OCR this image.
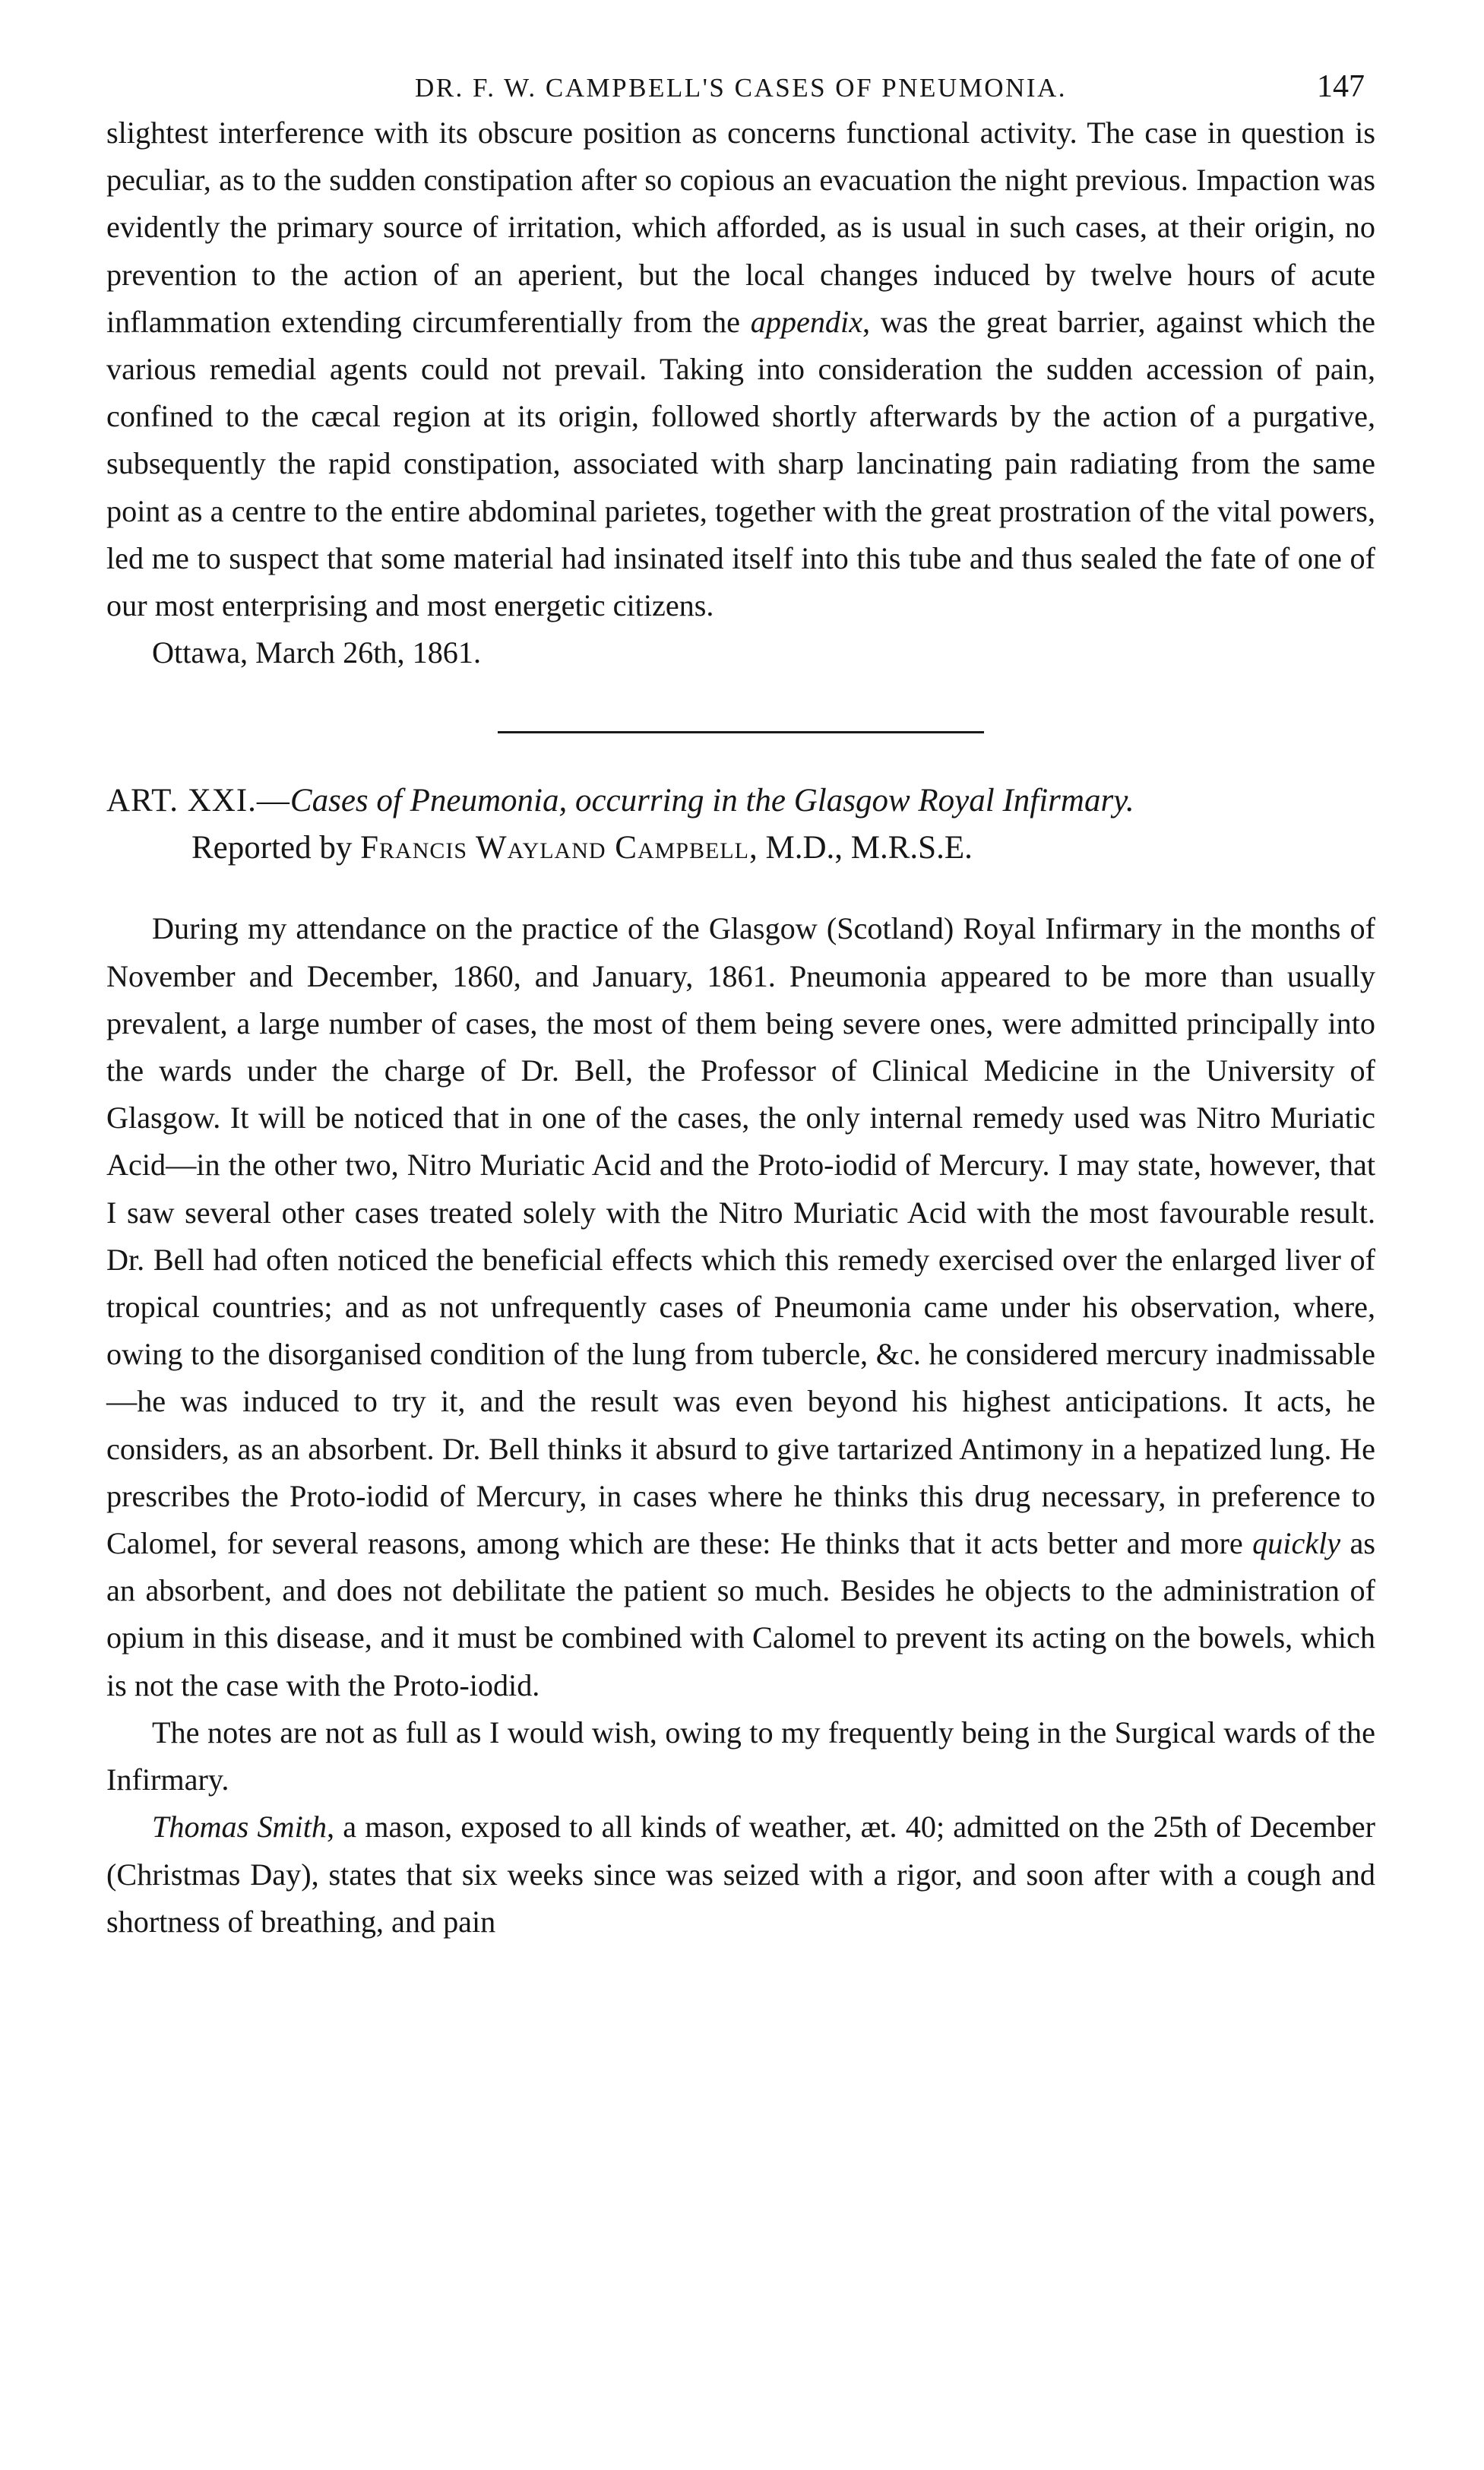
DR. F. W. CAMPBELL'S CASES OF PNEUMONIA.	147

slightest interference with its obscure position as concerns functional activity. The case in question is peculiar, as to the sudden constipation after so copious an evacuation the night previous. Impaction was evidently the primary source of irritation, which afforded, as is usual in such cases, at their origin, no prevention to the action of an aperient, but the local changes induced by twelve hours of acute inflammation extending circumferentially from the appendix, was the great barrier, against which the various remedial agents could not prevail. Taking into consideration the sudden accession of pain, confined to the cæcal region at its origin, followed shortly afterwards by the action of a purgative, subsequently the rapid constipation, associated with sharp lancinating pain radiating from the same point as a centre to the entire abdominal parietes, together with the great prostration of the vital powers, led me to suspect that some material had insinated itself into this tube and thus sealed the fate of one of our most enterprising and most energetic citizens.

Ottawa, March 26th, 1861.

ART. XXI.—Cases of Pneumonia, occurring in the Glasgow Royal Infirmary.

Reported by Francis Wayland Campbell, M.D., M.R.S.E.

During my attendance on the practice of the Glasgow (Scotland) Royal Infirmary in the months of November and December, 1860, and January, 1861. Pneumonia appeared to be more than usually prevalent, a large number of cases, the most of them being severe ones, were admitted principally into the wards under the charge of Dr. Bell, the Professor of Clinical Medicine in the University of Glasgow. It will be noticed that in one of the cases, the only internal remedy used was Nitro Muriatic Acid—in the other two, Nitro Muriatic Acid and the Proto-iodid of Mercury. I may state, however, that I saw several other cases treated solely with the Nitro Muriatic Acid with the most favourable result. Dr. Bell had often noticed the beneficial effects which this remedy exercised over the enlarged liver of tropical countries; and as not unfrequently cases of Pneumonia came under his observation, where, owing to the disorganised condition of the lung from tubercle, &c. he considered mercury inadmissable—he was induced to try it, and the result was even beyond his highest anticipations. It acts, he considers, as an absorbent. Dr. Bell thinks it absurd to give tartarized Antimony in a hepatized lung. He prescribes the Proto-iodid of Mercury, in cases where he thinks this drug necessary, in preference to Calomel, for several reasons, among which are these: He thinks that it acts better and more quickly as an absorbent, and does not debilitate the patient so much. Besides he objects to the administration of opium in this disease, and it must be combined with Calomel to prevent its acting on the bowels, which is not the case with the Proto-iodid.

The notes are not as full as I would wish, owing to my frequently being in the Surgical wards of the Infirmary.

Thomas Smith, a mason, exposed to all kinds of weather, æt. 40; admitted on the 25th of December (Christmas Day), states that six weeks since was seized with a rigor, and soon after with a cough and shortness of breathing, and pain
